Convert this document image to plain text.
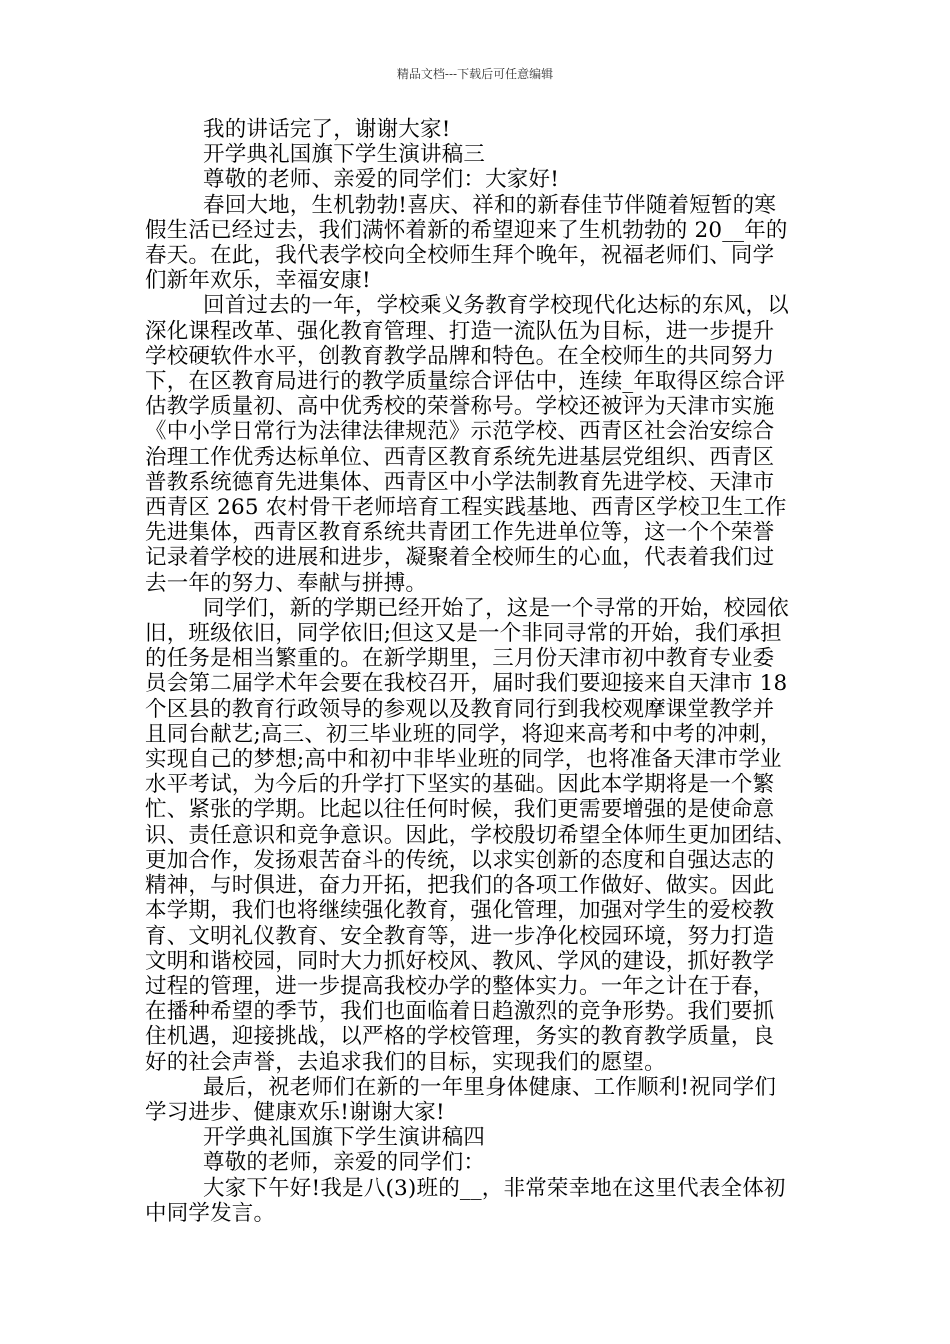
精品文档---下载后可任意编辑
我的讲话完了，谢谢大家!
开学典礼国旗下学生演讲稿三
尊敬的老师、亲爱的同学们：大家好!
春回大地，生机勃勃!喜庆、祥和的新春佳节伴随着短暂的寒
假生活已经过去，我们满怀着新的希望迎来了生机勃勃的 20__年的
春天。在此，我代表学校向全校师生拜个晚年，祝福老师们、同学
们新年欢乐，幸福安康!
回首过去的一年，学校乘义务教育学校现代化达标的东风，以
深化课程改革、强化教育管理、打造一流队伍为目标，进一步提升
学校硬软件水平，创教育教学品牌和特色。在全校师生的共同努力
下，在区教育局进行的教学质量综合评估中，连续_年取得区综合评
估教学质量初、高中优秀校的荣誉称号。学校还被评为天津市实施
《中小学日常行为法律法律规范》示范学校、西青区社会治安综合
治理工作优秀达标单位、西青区教育系统先进基层党组织、西青区
普教系统德育先进集体、西青区中小学法制教育先进学校、天津市
西青区 265 农村骨干老师培育工程实践基地、西青区学校卫生工作
先进集体，西青区教育系统共青团工作先进单位等，这一个个荣誉
记录着学校的进展和进步，凝聚着全校师生的心血，代表着我们过
去一年的努力、奉献与拼搏。
同学们，新的学期已经开始了，这是一个寻常的开始，校园依
旧，班级依旧，同学依旧;但这又是一个非同寻常的开始，我们承担
的任务是相当繁重的。在新学期里，三月份天津市初中教育专业委
员会第二届学术年会要在我校召开，届时我们要迎接来自天津市 18
个区县的教育行政领导的参观以及教育同行到我校观摩课堂教学并
且同台献艺;高三、初三毕业班的同学，将迎来高考和中考的冲刺，
实现自己的梦想;高中和初中非毕业班的同学，也将准备天津市学业
水平考试，为今后的升学打下坚实的基础。因此本学期将是一个繁
忙、紧张的学期。比起以往任何时候，我们更需要增强的是使命意
识、责任意识和竞争意识。因此，学校殷切希望全体师生更加团结、
更加合作，发扬艰苦奋斗的传统，以求实创新的态度和自强达志的
精神，与时俱进，奋力开拓，把我们的各项工作做好、做实。因此
本学期，我们也将继续强化教育，强化管理，加强对学生的爱校教
育、文明礼仪教育、安全教育等，进一步净化校园环境，努力打造
文明和谐校园，同时大力抓好校风、教风、学风的建设，抓好教学
过程的管理，进一步提高我校办学的整体实力。一年之计在于春，
在播种希望的季节，我们也面临着日趋激烈的竞争形势。我们要抓
住机遇，迎接挑战，以严格的学校管理，务实的教育教学质量，良
好的社会声誉，去追求我们的目标，实现我们的愿望。
最后，祝老师们在新的一年里身体健康、工作顺利!祝同学们
学习进步、健康欢乐!谢谢大家!
开学典礼国旗下学生演讲稿四
尊敬的老师，亲爱的同学们：
大家下午好!我是八(3)班的__，非常荣幸地在这里代表全体初
中同学发言。
